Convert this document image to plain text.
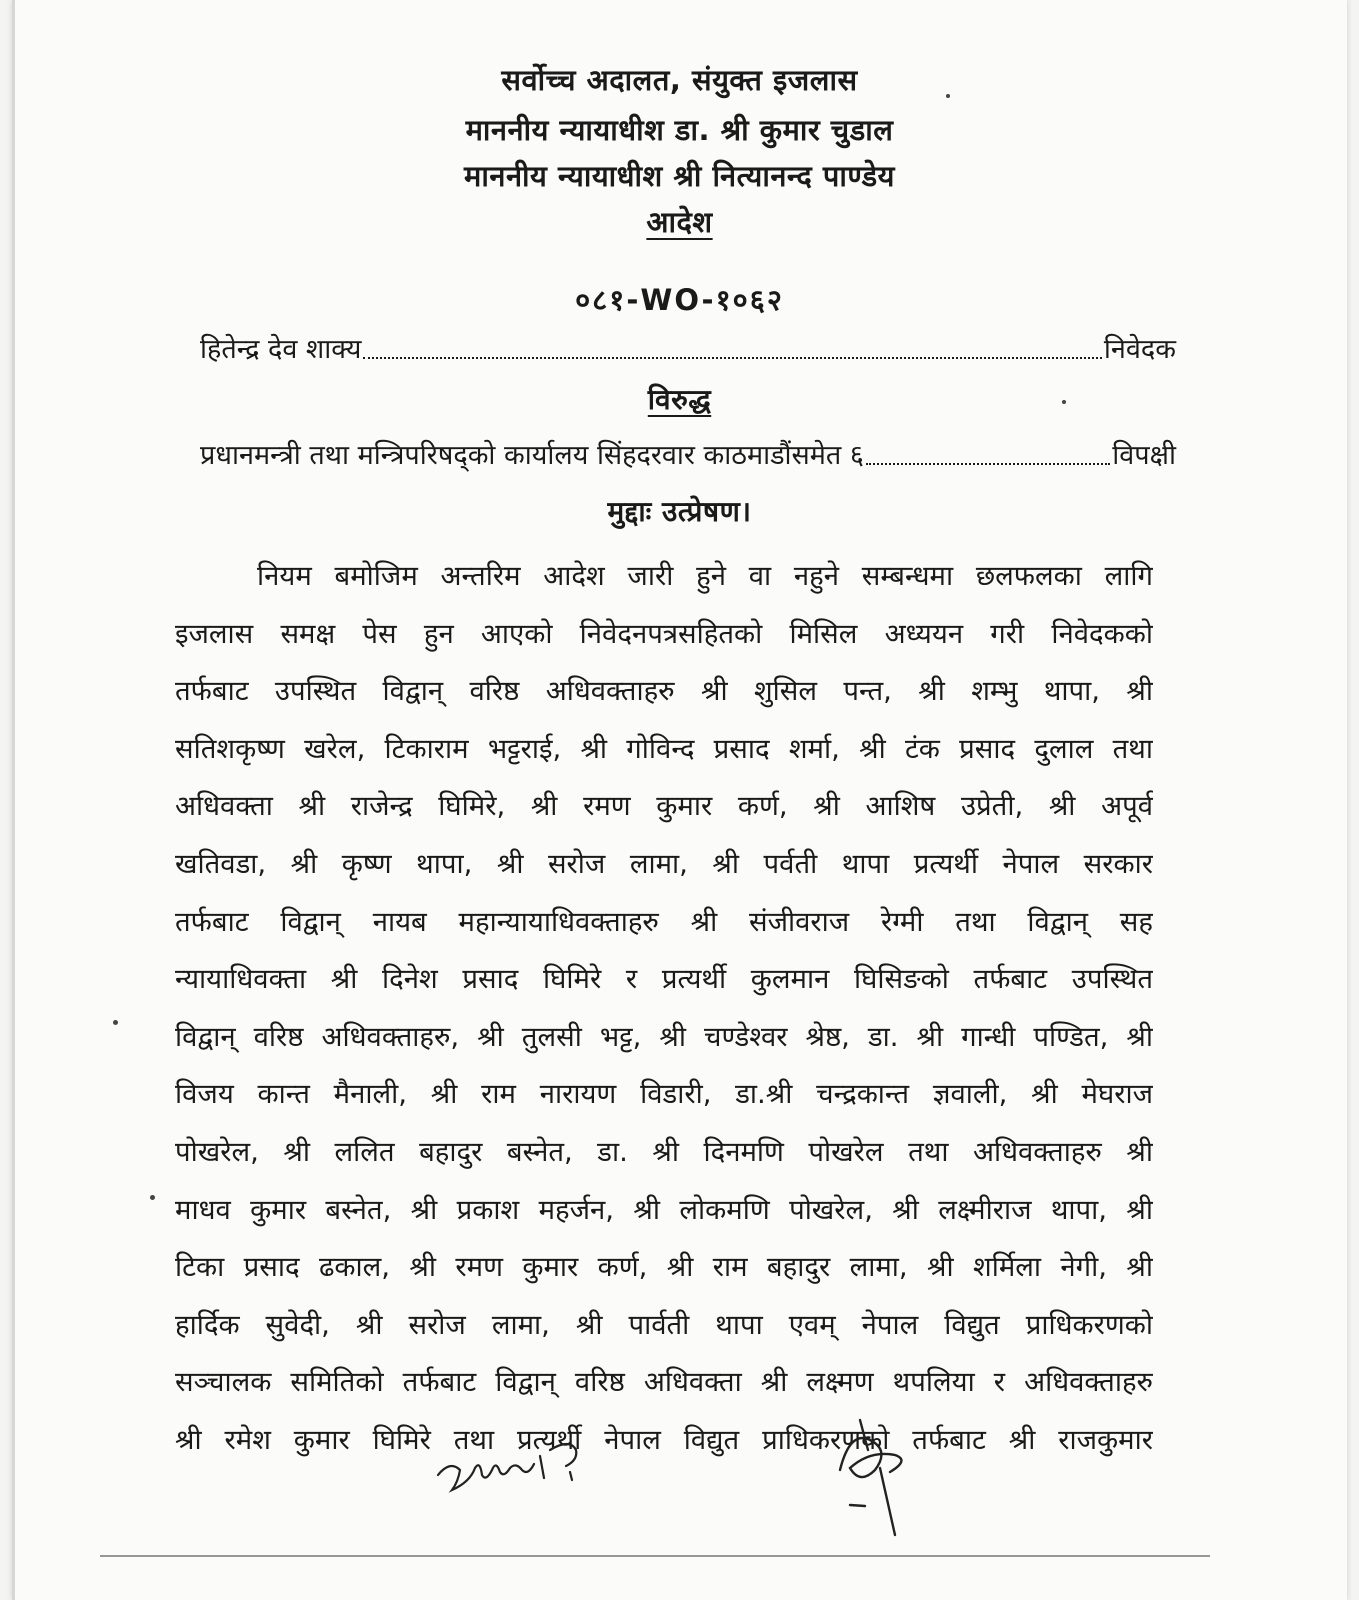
सर्वोच्च अदालत, संयुक्त इजलास
माननीय न्यायाधीश डा. श्री कुमार चुडाल
माननीय न्यायाधीश श्री नित्यानन्द पाण्डेय
आदेश
०८१-WO-१०६२
हितेन्द्र देव शाक्य	निवेदक
विरुद्ध
प्रधानमन्त्री तथा मन्त्रिपरिषद्को कार्यालय सिंहदरवार काठमाडौंसमेत ६	विपक्षी
मुद्दाः उत्प्रेषण।
नियम बमोजिम अन्तरिम आदेश जारी हुने वा नहुने सम्बन्धमा छलफलका लागि
इजलास समक्ष पेस हुन आएको निवेदनपत्रसहितको मिसिल अध्ययन गरी निवेदकको
तर्फबाट उपस्थित विद्वान् वरिष्ठ अधिवक्ताहरु श्री शुसिल पन्त, श्री शम्भु थापा, श्री
सतिशकृष्ण खरेल, टिकाराम भट्टराई, श्री गोविन्द प्रसाद शर्मा, श्री टंक प्रसाद दुलाल तथा
अधिवक्ता श्री राजेन्द्र घिमिरे, श्री रमण कुमार कर्ण, श्री आशिष उप्रेती, श्री अपूर्व
खतिवडा, श्री कृष्ण थापा, श्री सरोज लामा, श्री पर्वती थापा प्रत्यर्थी नेपाल सरकार
तर्फबाट विद्वान् नायब महान्यायाधिवक्ताहरु श्री संजीवराज रेग्मी तथा विद्वान् सह
न्यायाधिवक्ता श्री दिनेश प्रसाद घिमिरे र प्रत्यर्थी कुलमान घिसिङको तर्फबाट उपस्थित
विद्वान् वरिष्ठ अधिवक्ताहरु, श्री तुलसी भट्ट, श्री चण्डेश्वर श्रेष्ठ, डा. श्री गान्धी पण्डित, श्री
विजय कान्त मैनाली, श्री राम नारायण विडारी, डा.श्री चन्द्रकान्त ज्ञवाली, श्री मेघराज
पोखरेल, श्री ललित बहादुर बस्नेत, डा. श्री दिनमणि पोखरेल तथा अधिवक्ताहरु श्री
माधव कुमार बस्नेत, श्री प्रकाश महर्जन, श्री लोकमणि पोखरेल, श्री लक्ष्मीराज थापा, श्री
टिका प्रसाद ढकाल, श्री रमण कुमार कर्ण, श्री राम बहादुर लामा, श्री शर्मिला नेगी, श्री
हार्दिक सुवेदी, श्री सरोज लामा, श्री पार्वती थापा एवम् नेपाल विद्युत प्राधिकरणको
सञ्चालक समितिको तर्फबाट विद्वान् वरिष्ठ अधिवक्ता श्री लक्ष्मण थपलिया र अधिवक्ताहरु
श्री रमेश कुमार घिमिरे तथा प्रत्यर्थी नेपाल विद्युत प्राधिकरणको तर्फबाट श्री राजकुमार
